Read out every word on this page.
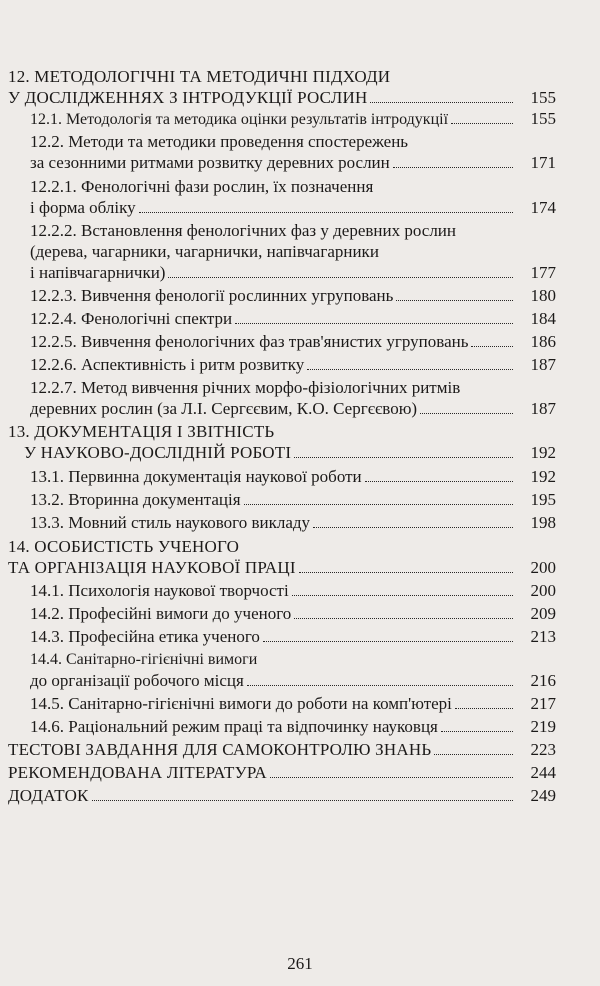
12. МЕТОДОЛОГІЧНІ ТА МЕТОДИЧНІ ПІДХОДИ
У ДОСЛІДЖЕННЯХ З ІНТРОДУКЦІЇ РОСЛИН	155
12.1. Методологія та методика оцінки результатів інтродукції	155
12.2. Методи та методики проведення спостережень
за сезонними ритмами розвитку деревних рослин	171
12.2.1. Фенологічні фази рослин, їх позначення
і форма обліку	174
12.2.2. Встановлення фенологічних фаз у деревних рослин
(дерева, чагарники, чагарнички, напівчагарники
і напівчагарнички)	177
12.2.3. Вивчення фенології рослинних угруповань	180
12.2.4. Фенологічні спектри	184
12.2.5. Вивчення фенологічних фаз трав'янистих угруповань	186
12.2.6. Аспективність і ритм розвитку	187
12.2.7. Метод вивчення річних морфо-фізіологічних ритмів
деревних рослин (за Л.І. Сергєєвим, К.О. Сергєєвою)	187
13. ДОКУМЕНТАЦІЯ І ЗВІТНІСТЬ
У НАУКОВО-ДОСЛІДНІЙ РОБОТІ	192
13.1. Первинна документація наукової роботи	192
13.2. Вторинна документація	195
13.3. Мовний стиль наукового викладу	198
14. ОСОБИСТІСТЬ УЧЕНОГО
ТА ОРГАНІЗАЦІЯ НАУКОВОЇ ПРАЦІ	200
14.1. Психологія наукової творчості	200
14.2. Професійні вимоги до ученого	209
14.3. Професійна етика ученого	213
14.4. Санітарно-гігієнічні вимоги
до організації робочого місця	216
14.5. Санітарно-гігієнічні вимоги до роботи на комп'ютері	217
14.6. Раціональний режим праці та відпочинку науковця	219
ТЕСТОВІ ЗАВДАННЯ ДЛЯ САМОКОНТРОЛЮ ЗНАНЬ	223
РЕКОМЕНДОВАНА ЛІТЕРАТУРА	244
ДОДАТОК	249
261
